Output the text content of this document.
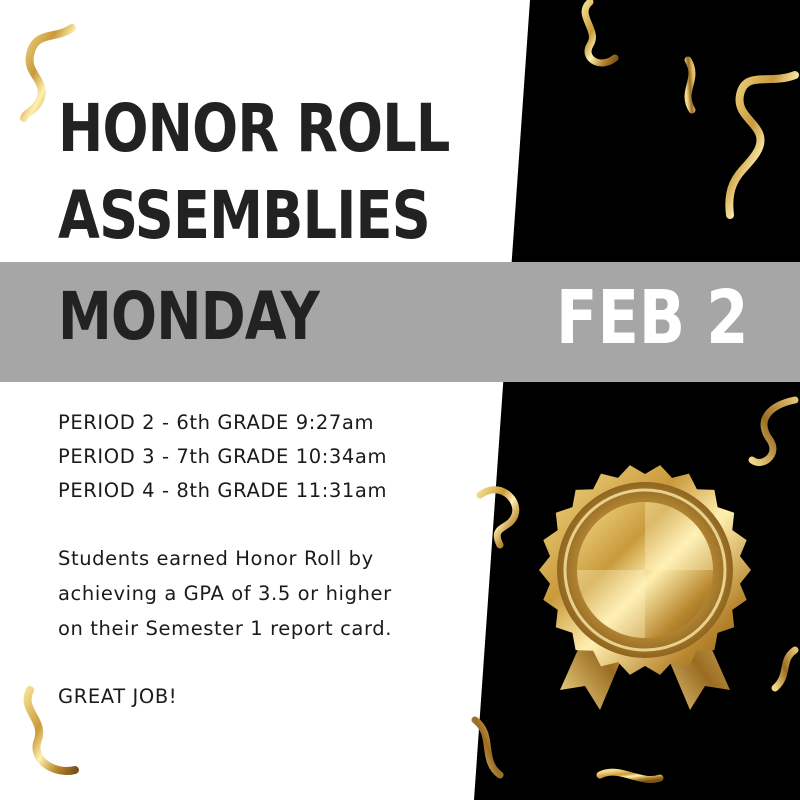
HONOR ROLL
ASSEMBLIES
MONDAY	FEB 2
PERIOD 2 - 6th GRADE 9:27am
PERIOD 3 - 7th GRADE 10:34am
PERIOD 4 - 8th GRADE 11:31am
Students earned Honor Roll by
achieving a GPA of 3.5 or higher
on their Semester 1 report card.
GREAT JOB!
